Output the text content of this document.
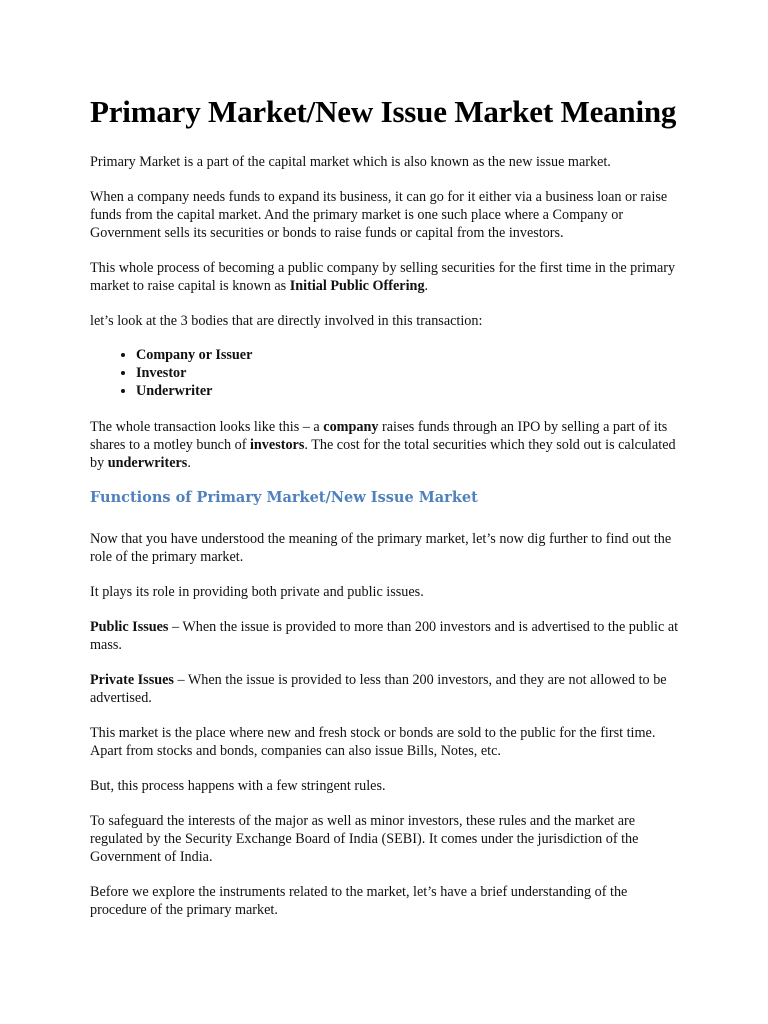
Primary Market/New Issue Market Meaning

Primary Market is a part of the capital market which is also known as the new issue market.

When a company needs funds to expand its business, it can go for it either via a business loan or raise funds from the capital market. And the primary market is one such place where a Company or Government sells its securities or bonds to raise funds or capital from the investors.

This whole process of becoming a public company by selling securities for the first time in the primary market to raise capital is known as Initial Public Offering.

let’s look at the 3 bodies that are directly involved in this transaction:

• Company or Issuer
• Investor
• Underwriter

The whole transaction looks like this – a company raises funds through an IPO by selling a part of its shares to a motley bunch of investors. The cost for the total securities which they sold out is calculated by underwriters.

Functions of Primary Market/New Issue Market

Now that you have understood the meaning of the primary market, let’s now dig further to find out the role of the primary market.

It plays its role in providing both private and public issues.

Public Issues – When the issue is provided to more than 200 investors and is advertised to the public at mass.

Private Issues – When the issue is provided to less than 200 investors, and they are not allowed to be advertised.

This market is the place where new and fresh stock or bonds are sold to the public for the first time. Apart from stocks and bonds, companies can also issue Bills, Notes, etc.

But, this process happens with a few stringent rules.

To safeguard the interests of the major as well as minor investors, these rules and the market are regulated by the Security Exchange Board of India (SEBI). It comes under the jurisdiction of the Government of India.

Before we explore the instruments related to the market, let’s have a brief understanding of the procedure of the primary market.
